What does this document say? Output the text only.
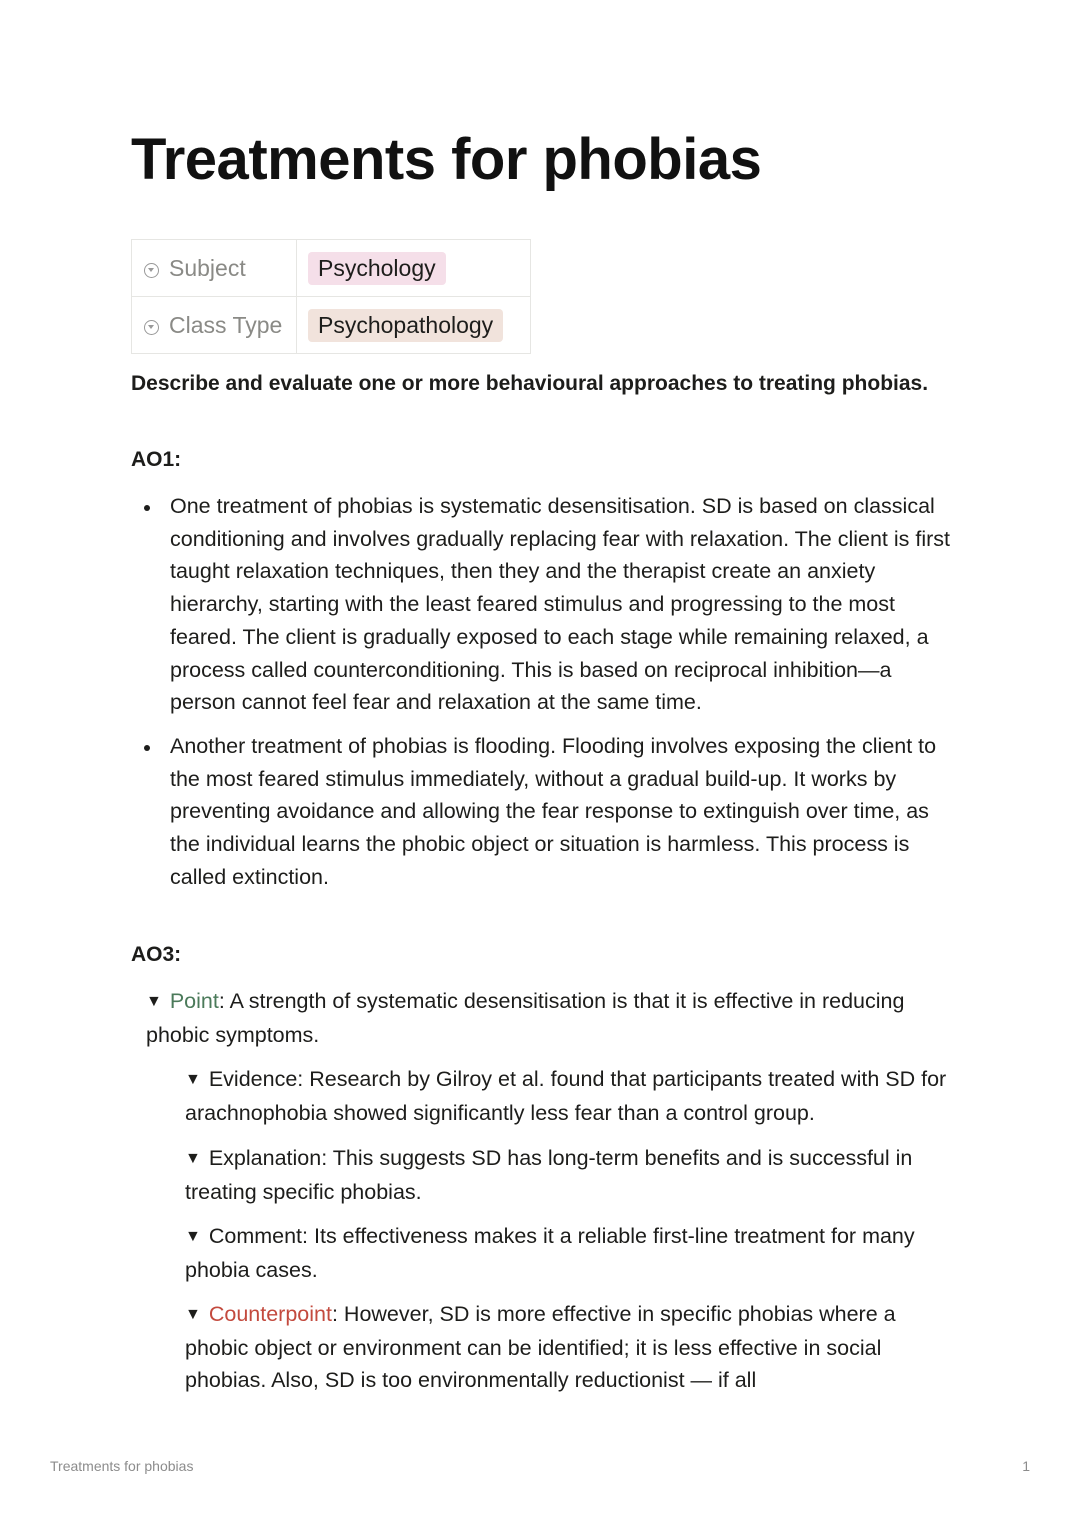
Treatments for phobias
Subject	Psychology
Class Type	Psychopathology

Describe and evaluate one or more behavioural approaches to treating phobias.

AO1:

One treatment of phobias is systematic desensitisation. SD is based on classical conditioning and involves gradually replacing fear with relaxation. The client is first taught relaxation techniques, then they and the therapist create an anxiety hierarchy, starting with the least feared stimulus and progressing to the most feared. The client is gradually exposed to each stage while remaining relaxed, a process called counterconditioning. This is based on reciprocal inhibition—a person cannot feel fear and relaxation at the same time.
Another treatment of phobias is flooding. Flooding involves exposing the client to the most feared stimulus immediately, without a gradual build-up. It works by preventing avoidance and allowing the fear response to extinguish over time, as the individual learns the phobic object or situation is harmless. This process is called extinction.

AO3:

▼ Point: A strength of systematic desensitisation is that it is effective in reducing phobic symptoms.
▼ Evidence: Research by Gilroy et al. found that participants treated with SD for arachnophobia showed significantly less fear than a control group.
▼ Explanation: This suggests SD has long-term benefits and is successful in treating specific phobias.
▼ Comment: Its effectiveness makes it a reliable first-line treatment for many phobia cases.
▼ Counterpoint: However, SD is more effective in specific phobias where a phobic object or environment can be identified; it is less effective in social phobias. Also, SD is too environmentally reductionist — if all
Treatments for phobias	1
